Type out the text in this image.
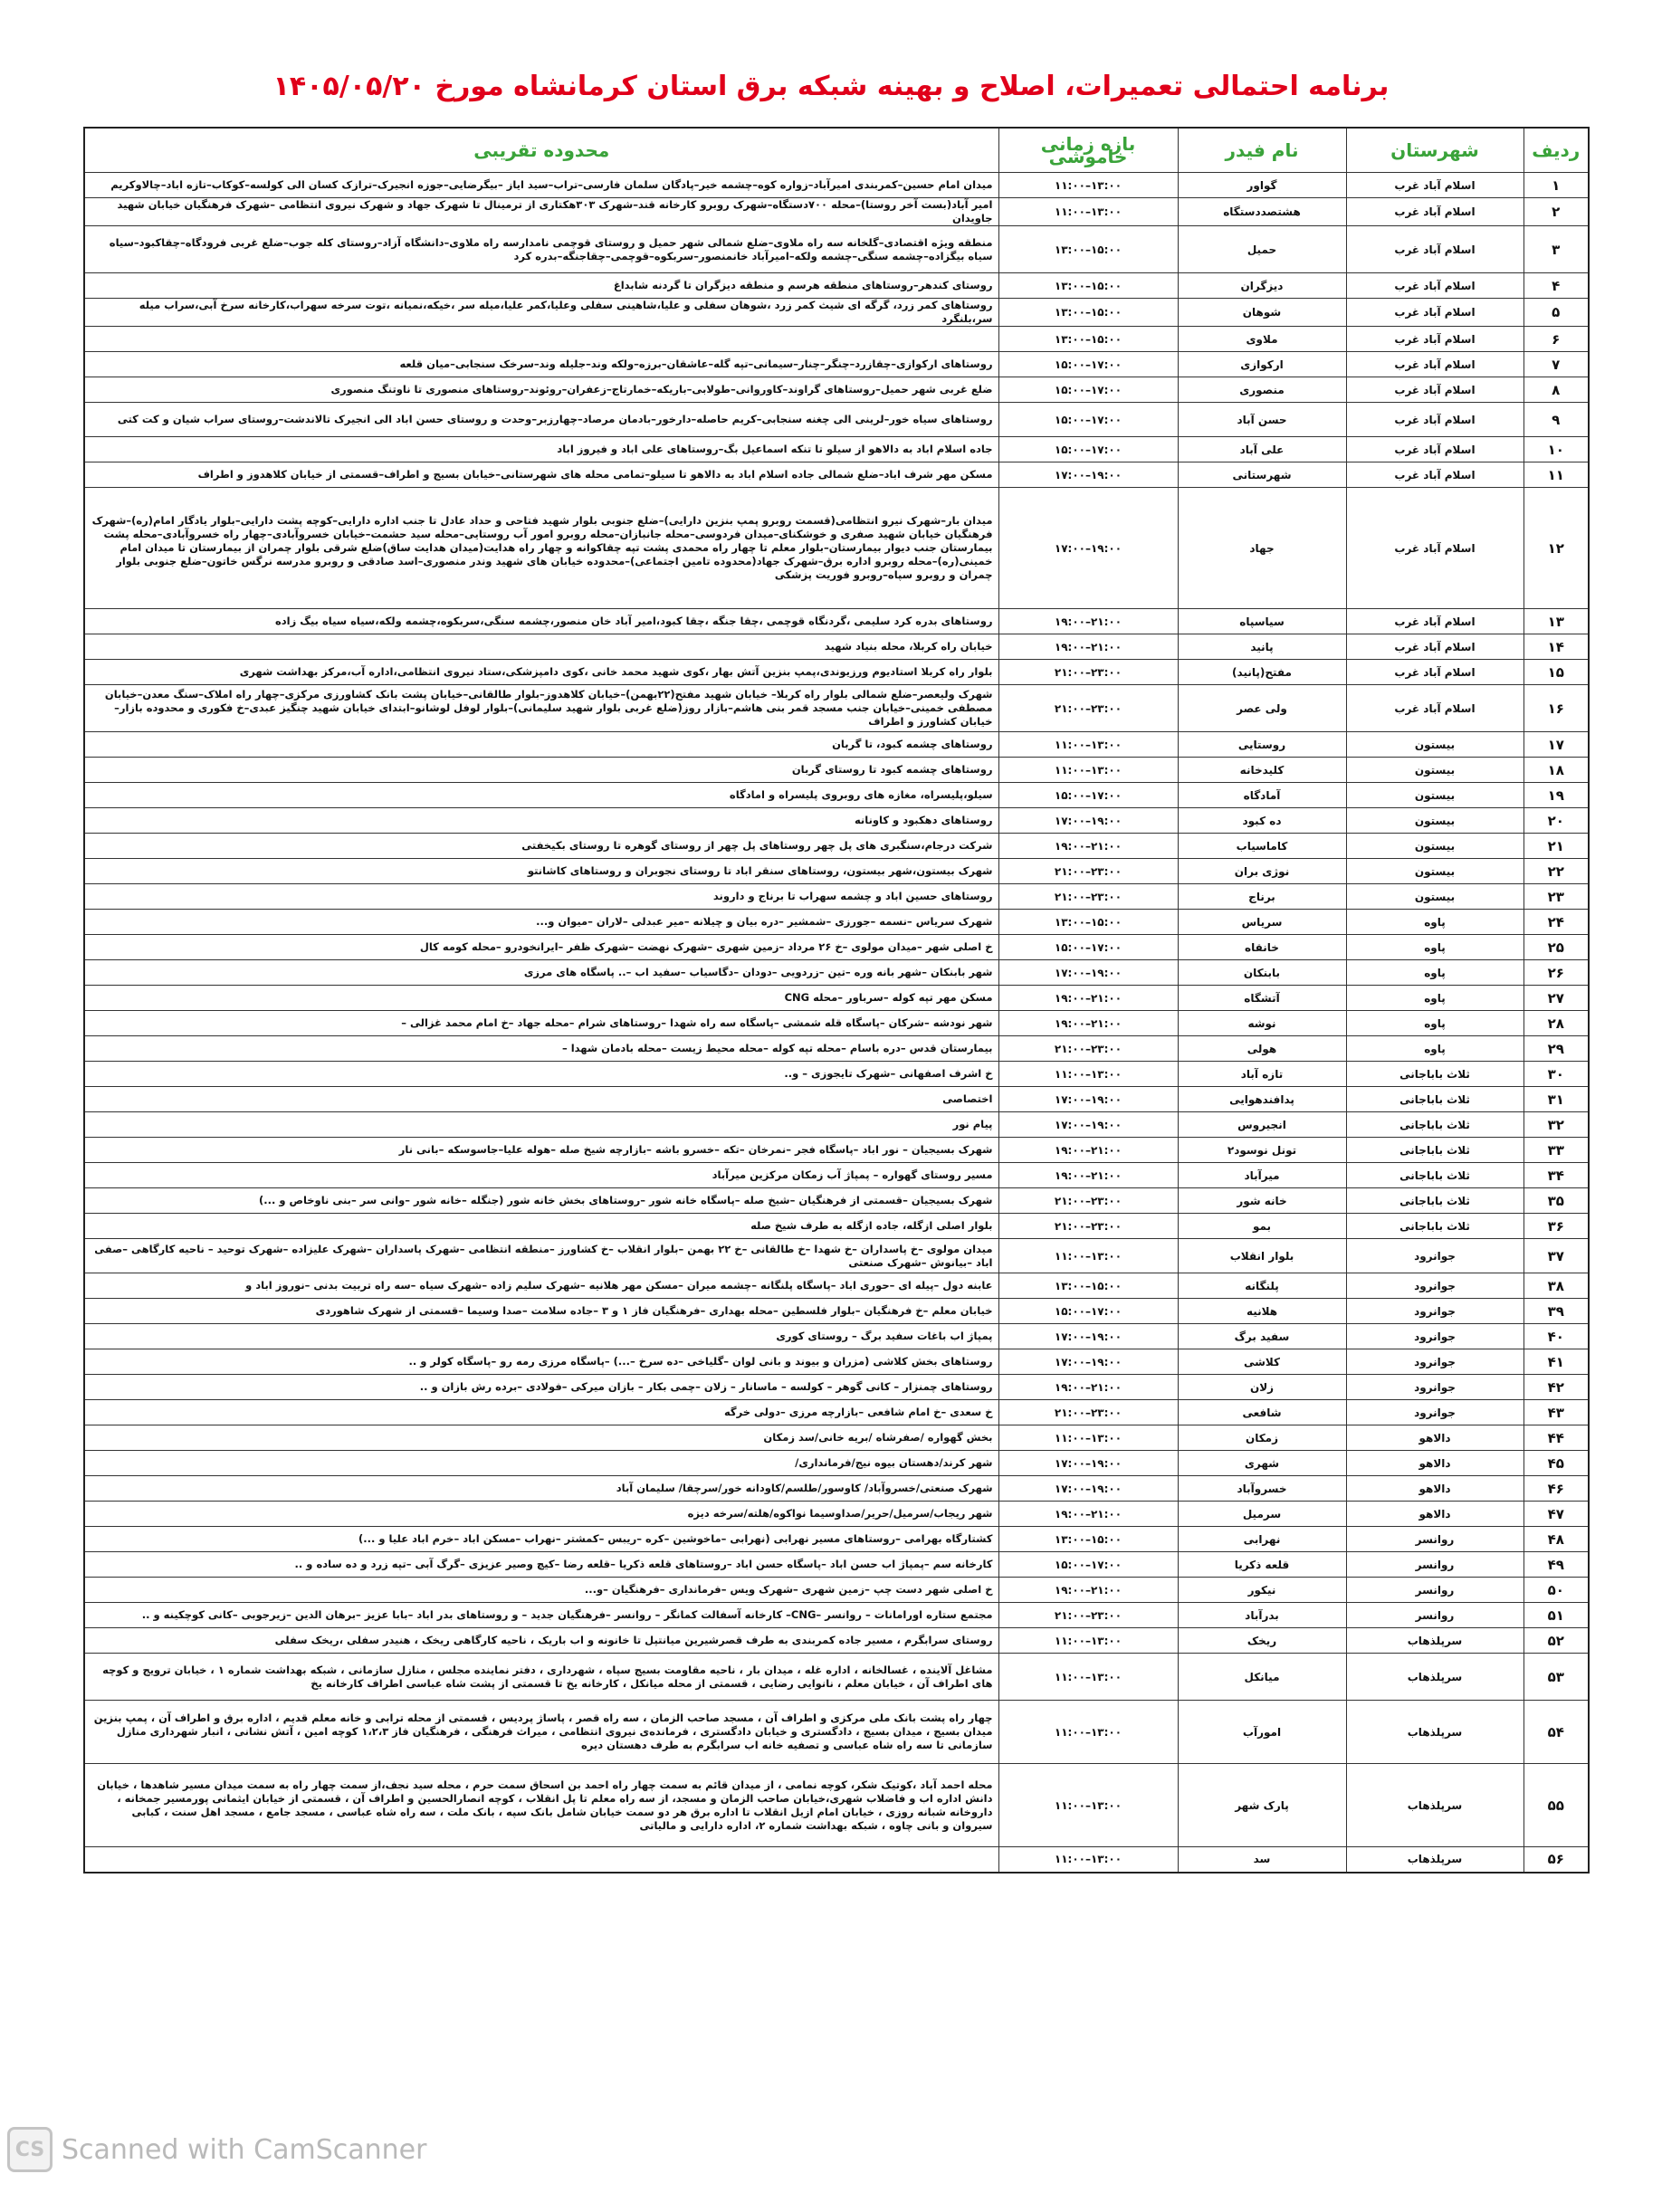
برنامه احتمالی تعمیرات، اصلاح و بهینه شبکه برق استان کرمانشاه مورخ ۱۴۰۵/۰۵/۲۰
ردیف	شهرستان	نام فیدر	بازه زمانی خاموشی	محدوده تقریبی
۱	اسلام آباد غرب	گواور	۱۱:۰۰–۱۳:۰۰	میدان امام حسین–کمربندی امیرآباد–زواره کوه–چشمه خیر–پادگان سلمان فارسی–تراب–سید ایاز –بیگرضایی–جوزه انجیرک–ترازک کسان الی کولسه–کوکاب–تازه اباد–چالاوکریم
۲	اسلام آباد غرب	هشتصددستگاه	۱۱:۰۰–۱۳:۰۰	امیر آباد(بست آخر روستا)–محله ۷۰۰دستگاه–شهرک روبرو کارخانه قند–شهرک ۳۰۳هکتاری از ترمینال تا شهرک جهاد و شهرک نیروی انتظامی –شهرک فرهنگیان خیابان شهید جاویدان
۳	اسلام آباد غرب	حمیل	۱۳:۰۰–۱۵:۰۰	منطقه ویژه اقتصادی–گلخانه سه راه ملاوی–ضلع شمالی شهر حمیل و روستای قوچمی نامدارسه راه ملاوی–دانشگاه آزاد–روستای کله جوب–ضلع غربی فرودگاه–چقاکبود–سیاه سیاه بیگزاده–چشمه سنگی–چشمه ولکه–امیرآباد خانمنصور–سربکوه–قوچمی–چقاجنگه–بدره کرد
۴	اسلام آباد غرب	دیزگران	۱۳:۰۰–۱۵:۰۰	روستای کندهر–روستاهای منطقه هرسم و منطقه دیزگران تا گردنه شابداغ
۵	اسلام آباد غرب	شوهان	۱۳:۰۰–۱۵:۰۰	روستاهای کمر زرد، گرگه ای شیث کمر زرد ،شوهان سفلی و علیا،شاهینی سفلی وعلیا،کمر علیا،میله سر ،خیکه،نمیانه ،توت سرخه سهراب،کارخانه سرخ آبی،سراب میله سر،بلنگرد
۶	اسلام آباد غرب	ملاوی	۱۳:۰۰–۱۵:۰۰	
۷	اسلام آباد غرب	ارکوازی	۱۵:۰۰–۱۷:۰۰	روستاهای ارکوازی–چقازرد–چنگر–چنار–سیمانی–تپه گله–عاشقان–برزه–ولکه وند–جلیله وند–سرخک سنجابی–میان قلعه
۸	اسلام آباد غرب	منصوری	۱۵:۰۰–۱۷:۰۰	ضلع غربی شهر حمیل–روستاهای گراوند–کاوروانی–طولابی–باریکه–خمارتاج–زعفران–روئوند–روستاهای منصوری تا ناوتنگ منصوری
۹	اسلام آباد غرب	حسن آباد	۱۵:۰۰–۱۷:۰۰	روستاهای سیاه خور–لرینی الی چغنه سنجابی–کریم حاصله–دارخور–بادمان مرصاد–چهارزبر–وحدت و روستای حسن اباد الی انجیرک تالاندشت–روستای سراب شیان و کت کتی
۱۰	اسلام آباد غرب	علی آباد	۱۵:۰۰–۱۷:۰۰	جاده اسلام اباد به دالاهو از سیلو تا تنکه اسماعیل بگ–روستاهای علی اباد و فیروز اباد
۱۱	اسلام آباد غرب	شهرستانی	۱۷:۰۰–۱۹:۰۰	مسکن مهر شرف اباد–ضلع شمالی جاده اسلام اباد به دالاهو تا سیلو–تمامی محله های شهرستانی–خیابان بسیج و اطراف–قسمتی از خیابان کلاهدوز و اطراف
۱۲	اسلام آباد غرب	جهاد	۱۷:۰۰–۱۹:۰۰	میدان بار–شهرک نیرو انتظامی(قسمت روبرو پمپ بنزین دارایی)–ضلع جنوبی بلوار شهید فتاحی و حداد عادل تا جنب اداره دارایی–کوچه پشت دارایی–بلوار یادگار امام(ره)–شهرک فرهنگیان خیابان شهید صفری و خوشکنای–میدان فردوسی–محله جانبازان–محله روبرو امور آب روستایی–محله سید حشمت–خیابان خسروآبادی–چهار راه خسروآبادی–محله پشت بیمارستان جنب دیوار بیمارستان–بلوار معلم تا چهار راه محمدی پشت تپه چقاکوانه و چهار راه هدایت(میدان هدایت ساق)ضلع شرقی بلوار چمران از بیمارستان تا میدان امام خمینی(ره)–محله روبرو اداره برق–شهرک جهاد(محدوده تامین اجتماعی)–محدوده خیابان های شهید وندر منصوری–اسد صادقی و روبرو مدرسه نرگس خاتون–ضلع جنوبی بلوار چمران و روبرو سپاه–روبرو فوریت پزشکی
۱۳	اسلام آباد غرب	سیاسپاه	۱۹:۰۰–۲۱:۰۰	روستاهای بدره کرد سلیمی ،گردنگاه قوچمی ،چقا جنگه ،چقا کبود،امیر آباد خان منصور،چشمه سنگی،سربکوه،چشمه ولکه،سیاه سیاه بیگ زاده
۱۴	اسلام آباد غرب	پانید	۱۹:۰۰–۲۱:۰۰	خیابان راه کربلا، محله بنیاد شهید
۱۵	اسلام آباد غرب	مفتح(پانید)	۲۱:۰۰–۲۳:۰۰	بلوار راه کربلا استادیوم ورزیوندی،پمپ بنزین آتش بهار ،کوی شهید محمد خانی ،کوی دامپزشکی،ستاد نیروی انتظامی،اداره آب،مرکز بهداشت شهری
۱۶	اسلام آباد غرب	ولی عصر	۲۱:۰۰–۲۳:۰۰	شهرک ولیعصر–ضلع شمالی بلوار راه کربلا– خیابان شهید مفتح(۲۲بهمن)–خیابان کلاهدوز–بلوار طالقانی–خیابان پشت بانک کشاورزی مرکزی–چهار راه املاک–سنگ معدن–خیابان مصطفی خمینی–خیابان جنب مسجد قمر بنی هاشم–بازار روز(ضلع غربی بلوار شهید سلیمانی)–بلوار لوفل لوشانو–ابتدای خیابان شهید چنگیز عبدی–خ فکوری و محدوده بازار–خیابان کشاورز و اطراف
۱۷	بیستون	روستایی	۱۱:۰۰–۱۳:۰۰	روستاهای چشمه کبود، تا گربان
۱۸	بیستون	کلیدخانه	۱۱:۰۰–۱۳:۰۰	روستاهای چشمه کبود تا روستای گربان
۱۹	بیستون	آمادگاه	۱۵:۰۰–۱۷:۰۰	سیلو،پلیسراه، مغازه های روبروی پلیسراه و امادگاه
۲۰	بیستون	ده کبود	۱۷:۰۰–۱۹:۰۰	روستاهای دهکبود و کاونانه
۲۱	بیستون	کاماسیاب	۱۹:۰۰–۲۱:۰۰	شرکت درجام،سنگبری های پل چهر روستاهای پل چهر از روستای گوهره تا روستای بکیخفتی
۲۲	بیستون	نوژی بران	۲۱:۰۰–۲۳:۰۰	شهرک بیستون،شهر بیستون، روستاهای سنقر اباد تا روستای نجوبران و روستاهای کاشانتو
۲۳	بیستون	برناج	۲۱:۰۰–۲۳:۰۰	روستاهای حسین اباد و چشمه سهراب تا برناج و داروند
۲۴	پاوه	سریاس	۱۳:۰۰–۱۵:۰۰	شهرک سریاس –نسمه –جورزی –شمشیر –دره بیان و چیلانه –میر عبدلی –لاران –میوان و...
۲۵	پاوه	خانقاه	۱۵:۰۰–۱۷:۰۰	خ اصلی شهر –میدان مولوی –خ ۲۶ مرداد –زمین شهری –شهرک نهضت –شهرک ظفر –ایرانخودرو –محله کومه کال
۲۶	پاوه	بابنکان	۱۷:۰۰–۱۹:۰۰	شهر بابنکان –شهر بانه وره –تین –زردویی –دودان –دگاسیاب –سفید اب –.. پاسگاه های مرزی
۲۷	پاوه	آتشگاه	۱۹:۰۰–۲۱:۰۰	مسکن مهر تپه کوله –سرباور –محله CNG
۲۸	پاوه	نوشه	۱۹:۰۰–۲۱:۰۰	شهر نودشه –شرکان –پاسگاه قله شمشی –پاسگاه سه راه شهدا –روستاهای شرام –محله جهاد –خ امام محمد غزالی –
۲۹	پاوه	هولی	۲۱:۰۰–۲۳:۰۰	بیمارستان قدس –دره باسام –محله تپه کوله –محله محیط زیست –محله بادمان شهدا –
۳۰	ثلاث باباجانی	تازه آباد	۱۱:۰۰–۱۳:۰۰	خ اشرف اصفهانی –شهرک تایجوزی – و..
۳۱	ثلاث باباجانی	پدافندهوایی	۱۷:۰۰–۱۹:۰۰	اختصاصی
۳۲	ثلاث باباجانی	انجیروس	۱۷:۰۰–۱۹:۰۰	پیام نور
۳۳	ثلاث باباجانی	تونل نوسود۲	۱۹:۰۰–۲۱:۰۰	شهرک بسیجیان – نور اباد –پاسگاه فجر –نمرخان –تکه –خسرو باشه –بازارچه شیخ صله –هوله علیا–جاسوسکه –بانی نار
۳۴	ثلاث باباجانی	میرآباد	۱۹:۰۰–۲۱:۰۰	مسیر روستای گهواره – پمپاژ آب زمکان مرکزین میرآباد
۳۵	ثلاث باباجانی	خانه شور	۲۱:۰۰–۲۳:۰۰	شهرک بسیجیان –قسمتی از فرهنگیان –شیخ صله –پاسگاه خانه شور –روستاهای بخش خانه شور (جنگله –خانه شور –وانی سر –بنی ناوخاص و ...)
۳۶	ثلاث باباجانی	بمو	۲۱:۰۰–۲۳:۰۰	بلوار اصلی ازگله، جاده ازگله به طرف شیخ صله
۳۷	جوانرود	بلوار انقلاب	۱۱:۰۰–۱۳:۰۰	میدان مولوی –خ پاسداران –خ شهدا –خ طالقانی –خ ۲۲ بهمن –بلوار انقلاب –خ کشاورز –منطقه انتظامی –شهرک پاسداران –شهرک علیزاده –شهرک توحید – ناحیه کارگاهی –صفی اباد –بیانوش –شهرک صنعتی
۳۸	جوانرود	پلنگانه	۱۳:۰۰–۱۵:۰۰	عابنه دول –پیله ای –حوری اباد –پاسگاه پلنگانه –چشمه میران –مسکن مهر هلانیه –شهرک سلیم زاده –شهرک سیاه –سه راه تربیت بدنی –نوروز اباد و
۳۹	جوانرود	هلانیه	۱۵:۰۰–۱۷:۰۰	خیابان معلم –خ فرهنگیان –بلوار فلسطین –محله بهداری –فرهنگیان فاز ۱ و ۳ –جاده سلامت –صدا وسیما –قسمتی از شهرک شاهوردی
۴۰	جوانرود	سفید برگ	۱۷:۰۰–۱۹:۰۰	پمپاژ اب باغات سفید برگ – روستای کوری
۴۱	جوانرود	کلاشی	۱۷:۰۰–۱۹:۰۰	روستاهای بخش کلاشی (مزران و بیوند و بانی لوان –گلیاخی –ده سرخ –...) –پاسگاه مرزی رمه رو –پاسگاه کولر و ..
۴۲	جوانرود	زلان	۱۹:۰۰–۲۱:۰۰	روستاهای چمنزار – کانی گوهر – کولسه – ماسانار – زلان –چمی بکار – بازان میرکی –فولادی –برده رش بازان و ..
۴۳	جوانرود	شافعی	۲۱:۰۰–۲۳:۰۰	خ سعدی –خ امام شافعی –بازارچه مرزی –دولی خرگه
۴۴	دالاهو	زمکان	۱۱:۰۰–۱۳:۰۰	بخش گهواره /صفرشاه /بریه خانی/سد زمکان
۴۵	دالاهو	شهری	۱۷:۰۰–۱۹:۰۰	شهر کرند/دهستان بیوه نیج/فرمانداری/
۴۶	دالاهو	خسروآباد	۱۷:۰۰–۱۹:۰۰	شهرک صنعتی/خسروآباد/ کاوسور/طلسم/کاودانه خور/سرچقا/ سلیمان آباد
۴۷	دالاهو	سرمیل	۱۹:۰۰–۲۱:۰۰	شهر ریجاب/سرمیل/حریر/صداوسیما نواکوه/هلته/سرخه دیزه
۴۸	روانسر	نهرابی	۱۳:۰۰–۱۵:۰۰	کشتارگاه بهرامی –روستاهای مسیر نهرابی (نهرابی –ماخوشین –کره –ریبس –کمشتر –نهراب –مسکن اباد –خرم اباد علیا و ...)
۴۹	روانسر	قلعه ذکریا	۱۵:۰۰–۱۷:۰۰	کارخانه سم –پمپاژ اب حسن اباد –پاسگاه حسن اباد –روستاهای قلعه ذکریا –قلعه رضا –کیچ وصیر عزیزی –گرگ آبی –تپه زرد و ده ساده و ..
۵۰	روانسر	نیکور	۱۹:۰۰–۲۱:۰۰	خ اصلی شهر دست چپ –زمین شهری –شهرک ویس –فرمانداری –فرهنگیان –و...
۵۱	روانسر	بدرآباد	۲۱:۰۰–۲۳:۰۰	مجتمع ستاره اورامانات – روانسر –CNG– کارخانه آسفالت کمانگر – روانسر –فرهنگیان جدید – و روستاهای بدر اباد –بابا عزیز –برهان الدین –زیرجوبی –کانی کوچکینه و ..
۵۲	سرپلذهاب	ریخک	۱۱:۰۰–۱۳:۰۰	روستای سرابگرم ، مسیر جاده کمربندی به طرف قصرشیرین میانتپل تا خانونه و اب باریک ، ناحیه کارگاهی ریخک ، هنیدر سفلی ،ریخک سفلی
۵۳	سرپلذهاب	میانکل	۱۱:۰۰–۱۳:۰۰	مشاغل آلاینده ، غسالخانه ، اداره غله ، میدان بار ، ناحیه مقاومت بسیج سپاه ، شهرداری ، دفتر نماینده مجلس ، منازل سازمانی ، شبکه بهداشت شماره ۱ ، خیابان ترویج و کوچه های اطراف آن ، خیابان معلم ، نانوایی رضایی ، قسمتی از محله میانکل ، کارخانه یخ تا قسمتی از پشت شاه عباسی اطراف کارخانه یخ
۵۴	سرپلذهاب	امورآب	۱۱:۰۰–۱۳:۰۰	چهار راه پشت بانک ملی مرکزی و اطراف آن ، مسجد صاحب الزمان ، سه راه قصر ، پاساژ پردیس ، قسمتی از محله ترابی و خانه معلم قدیم ، اداره برق و اطراف آن ، پمپ بنزین میدان بسیج ، میدان بسیج ، دادگستری و خیابان دادگستری ، فرمانده‌ی نیروی انتظامی ، میراث فرهنگی ، فرهنگیان فاز ۱،۲،۳ کوچه امین ، آتش نشانی ، انبار شهرداری منازل سازمانی تا سه راه شاه عباسی و تصفیه خانه اب سرابگرم به طرف دهستان دیره
۵۵	سرپلذهاب	پارک شهر	۱۱:۰۰–۱۳:۰۰	محله احمد آباد ،کوتیک شکر، کوچه نمامی ، از میدان قائم به سمت چهار راه احمد بن اسحاق سمت حرم ، محله سید نجف،از سمت چهار راه به سمت میدان مسیر شاهدها ، خیابان دانش اداره اب و فاضلاب شهری،خیابان صاحب الزمان و مسجد، از سه راه معلم تا پل انقلاب ، کوچه انصارالحسین و اطراف آن ، قسمتی از خیابان ایثمانی پورمسیر جمخانه ، داروخانه شبانه روزی ، خیابان امام ازیل انقلاب تا اداره برق هر دو سمت خیابان شامل بانک سپه ، بانک ملت ، سه راه شاه عباسی ، مسجد جامع ، مسجد اهل سنت ، کبابی سیروان و بانی چاوه ، شبکه بهداشت شماره ۲، اداره دارایی و مالیاتی
۵۶	سرپلذهاب	سد	۱۱:۰۰–۱۳:۰۰	
CS Scanned with CamScanner
